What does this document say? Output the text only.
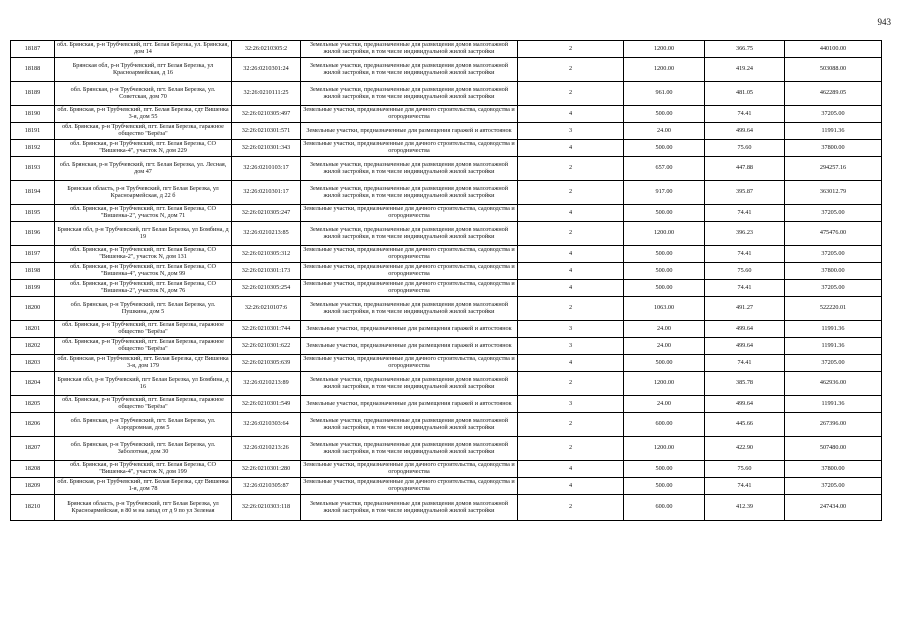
943
18187	обл. Брянская, р-н Трубчевский, пгт. Белая Березка, ул. Брянская, дом 14	32:26:0210305:2	Земельные участки, предназначенные для размещения домов малоэтажной жилой застройки, в том числе индивидуальной жилой застройки	2	1200.00	366.75	440100.00
18188	Брянская обл, р-н Трубчевский, пгт Белая Березка, ул Красноармейская, д 16	32:26:0210301:24	Земельные участки, предназначенные для размещения домов малоэтажной жилой застройки, в том числе индивидуальной жилой застройки	2	1200.00	419.24	503088.00
18189	обл. Брянская, р-н Трубчевский, пгт. Белая Березка, ул. Советская, дом 70	32:26:0210111:25	Земельные участки, предназначенные для размещения домов малоэтажной жилой застройки, в том числе индивидуальной жилой застройки	2	961.00	481.05	462289.05
18190	обл. Брянская, р-н Трубчевский, пгт. Белая Березка, сдт Вишенка 3-я, дом 55	32:26:0210305:497	Земельные участки, предназначенные для дачного строительства, садоводства и огородничества	4	500.00	74.41	37205.00
18191	обл. Брянская, р-н Трубчевский, пгт. Белая Березка, гаражное общество "Берёза"	32:26:0210301:571	Земельные участки, предназначенные для размещения гаражей и автостоянок	3	24.00	499.64	11991.36
18192	обл. Брянская, р-н Трубчевский, пгт. Белая Березка, СО "Вишенка-4", участок N, дом 229	32:26:0210301:343	Земельные участки, предназначенные для дачного строительства, садоводства и огородничества	4	500.00	75.60	37800.00
18193	обл. Брянская, р-н Трубчевский, пгт. Белая Березка, ул. Лесная, дом 47	32:26:0210103:17	Земельные участки, предназначенные для размещения домов малоэтажной жилой застройки, в том числе индивидуальной жилой застройки	2	657.00	447.88	294257.16
18194	Брянская область, р-н Трубчевский, пгт Белая Березка, ул Красноармейская, д 22 б	32:26:0210301:17	Земельные участки, предназначенные для размещения домов малоэтажной жилой застройки, в том числе индивидуальной жилой застройки	2	917.00	395.87	363012.79
18195	обл. Брянская, р-н Трубчевский, пгт. Белая Березка, СО "Вишенка-2", участок N, дом 71	32:26:0210305:247	Земельные участки, предназначенные для дачного строительства, садоводства и огородничества	4	500.00	74.41	37205.00
18196	Брянская обл, р-н Трубчевский, пгт Белая Березка, ул Бомбина, д 19	32:26:0210213:85	Земельные участки, предназначенные для размещения домов малоэтажной жилой застройки, в том числе индивидуальной жилой застройки	2	1200.00	396.23	475476.00
18197	обл. Брянская, р-н Трубчевский, пгт. Белая Березка, СО "Вишенка-2", участок N, дом 131	32:26:0210305:312	Земельные участки, предназначенные для дачного строительства, садоводства и огородничества	4	500.00	74.41	37205.00
18198	обл. Брянская, р-н Трубчевский, пгт. Белая Березка, СО "Вишенка-4", участок N, дом 99	32:26:0210301:173	Земельные участки, предназначенные для дачного строительства, садоводства и огородничества	4	500.00	75.60	37800.00
18199	обл. Брянская, р-н Трубчевский, пгт. Белая Березка, СО "Вишенка-2", участок N, дом 76	32:26:0210305:254	Земельные участки, предназначенные для дачного строительства, садоводства и огородничества	4	500.00	74.41	37205.00
18200	обл. Брянская, р-н Трубчевский, пгт. Белая Березка, ул. Пушкина, дом 5	32:26:0210107:6	Земельные участки, предназначенные для размещения домов малоэтажной жилой застройки, в том числе индивидуальной жилой застройки	2	1063.00	491.27	522220.01
18201	обл. Брянская, р-н Трубчевский, пгт. Белая Березка, гаражное общество "Берёза"	32:26:0210301:744	Земельные участки, предназначенные для размещения гаражей и автостоянок	3	24.00	499.64	11991.36
18202	обл. Брянская, р-н Трубчевский, пгт. Белая Березка, гаражное общество "Берёза"	32:26:0210301:622	Земельные участки, предназначенные для размещения гаражей и автостоянок	3	24.00	499.64	11991.36
18203	обл. Брянская, р-н Трубчевский, пгт. Белая Березка, сдт Вишенка 3-я, дом 179	32:26:0210305:639	Земельные участки, предназначенные для дачного строительства, садоводства и огородничества	4	500.00	74.41	37205.00
18204	Брянская обл, р-н Трубчевский, пгт Белая Березка, ул Бомбина, д 16	32:26:0210213:89	Земельные участки, предназначенные для размещения домов малоэтажной жилой застройки, в том числе индивидуальной жилой застройки	2	1200.00	385.78	462936.00
18205	обл. Брянская, р-н Трубчевский, пгт. Белая Березка, гаражное общество "Берёза"	32:26:0210301:549	Земельные участки, предназначенные для размещения гаражей и автостоянок	3	24.00	499.64	11991.36
18206	обл. Брянская, р-н Трубчевский, пгт. Белая Березка, ул. Аэродромная, дом 5	32:26:0210303:64	Земельные участки, предназначенные для размещения домов малоэтажной жилой застройки, в том числе индивидуальной жилой застройки	2	600.00	445.66	267396.00
18207	обл. Брянская, р-н Трубчевский, пгт. Белая Березка, ул. Заболотная, дом 30	32:26:0210213:26	Земельные участки, предназначенные для размещения домов малоэтажной жилой застройки, в том числе индивидуальной жилой застройки	2	1200.00	422.90	507480.00
18208	обл. Брянская, р-н Трубчевский, пгт. Белая Березка, СО "Вишенка-4", участок N, дом 199	32:26:0210301:280	Земельные участки, предназначенные для дачного строительства, садоводства и огородничества	4	500.00	75.60	37800.00
18209	обл. Брянская, р-н Трубчевский, пгт. Белая Березка, сдт Вишенка 1-я, дом 78	32:26:0210305:87	Земельные участки, предназначенные для дачного строительства, садоводства и огородничества	4	500.00	74.41	37205.00
18210	Брянская область, р-н Трубчевский, пгт Белая Березка, ул Красноармейская, в 80 м на запад от д 9 по ул Зеленая	32:26:0210303:118	Земельные участки, предназначенные для размещения домов малоэтажной жилой застройки, в том числе индивидуальной жилой застройки	2	600.00	412.39	247434.00
